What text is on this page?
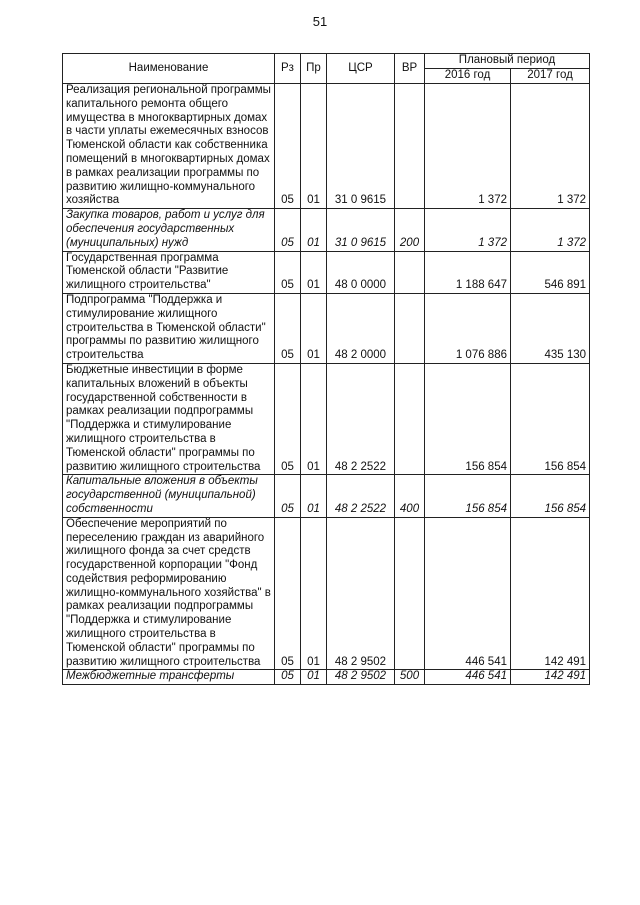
51
Наименование	Рз	Пр	ЦСР	ВР	Плановый период	
					2016 год	2017 год
Реализация региональной программы капитального ремонта общего имущества в многоквартирных домах в части уплаты ежемесячных взносов Тюменской области как собственника помещений в многоквартирных домах в рамках реализации программы по развитию жилищно-коммунального хозяйства	05	01	31 0 9615		1 372	1 372
Закупка товаров, работ и услуг для обеспечения государственных (муниципальных) нужд	05	01	31 0 9615	200	1 372	1 372
Государственная программа Тюменской области "Развитие жилищного строительства"	05	01	48 0 0000		1 188 647	546 891
Подпрограмма "Поддержка и стимулирование жилищного строительства в Тюменской области" программы по развитию жилищного строительства	05	01	48 2 0000		1 076 886	435 130
Бюджетные инвестиции в форме капитальных вложений в объекты государственной собственности в рамках реализации подпрограммы "Поддержка и стимулирование жилищного строительства в Тюменской области" программы по развитию жилищного строительства	05	01	48 2 2522		156 854	156 854
Капитальные вложения в объекты государственной (муниципальной) собственности	05	01	48 2 2522	400	156 854	156 854
Обеспечение мероприятий по переселению граждан из аварийного жилищного фонда за счет средств государственной корпорации "Фонд содействия реформированию жилищно-коммунального хозяйства" в рамках реализации подпрограммы "Поддержка и стимулирование жилищного строительства в Тюменской области" программы по развитию жилищного строительства	05	01	48 2 9502		446 541	142 491
Межбюджетные трансферты	05	01	48 2 9502	500	446 541	142 491
